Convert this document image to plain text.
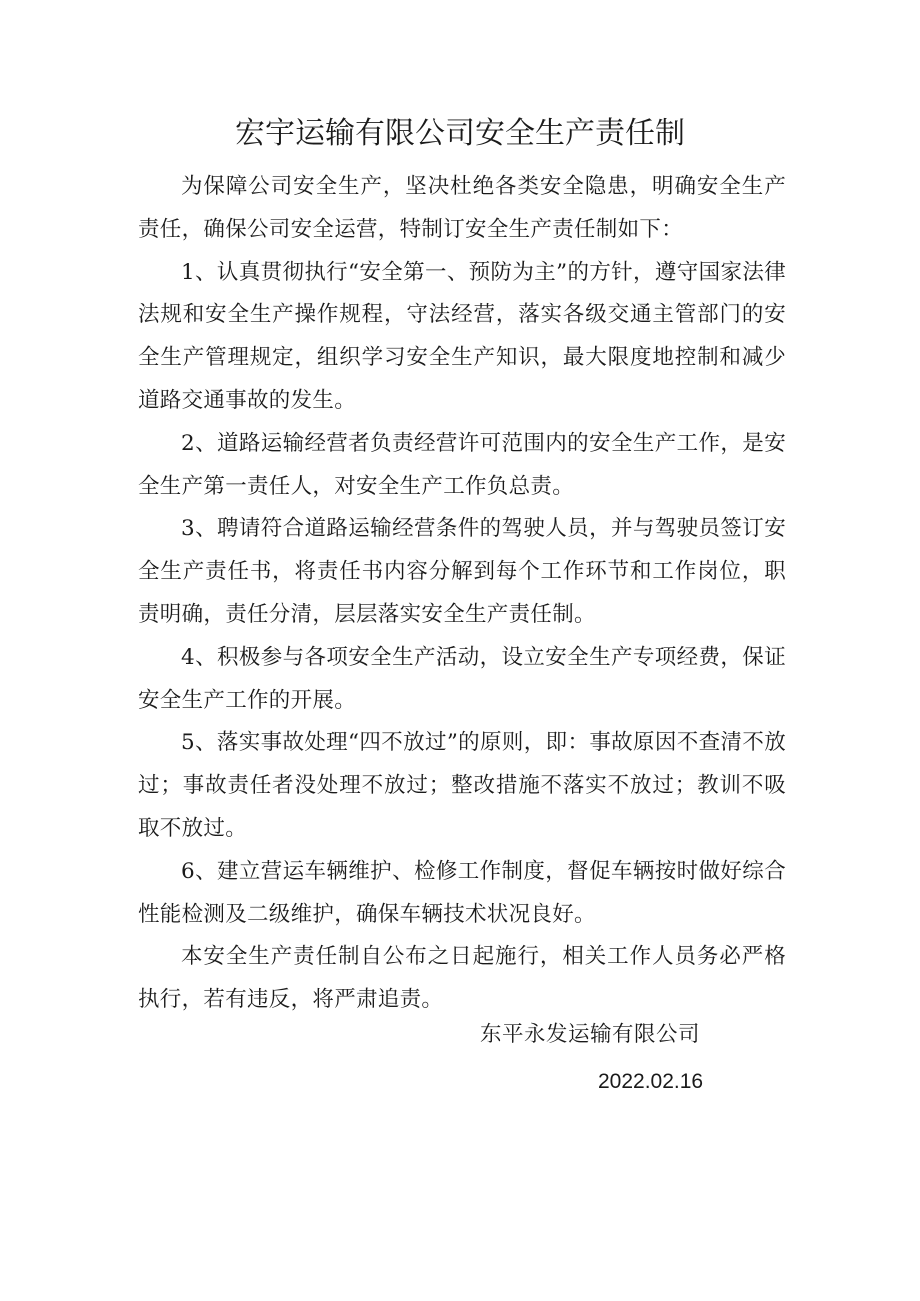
宏宇运输有限公司安全生产责任制

为保障公司安全生产，坚决杜绝各类安全隐患，明确安全生产责任，确保公司安全运营，特制订安全生产责任制如下：

1、认真贯彻执行“安全第一、预防为主”的方针，遵守国家法律法规和安全生产操作规程，守法经营，落实各级交通主管部门的安全生产管理规定，组织学习安全生产知识，最大限度地控制和减少道路交通事故的发生。

2、道路运输经营者负责经营许可范围内的安全生产工作，是安全生产第一责任人，对安全生产工作负总责。

3、聘请符合道路运输经营条件的驾驶人员，并与驾驶员签订安全生产责任书，将责任书内容分解到每个工作环节和工作岗位，职责明确，责任分清，层层落实安全生产责任制。

4、积极参与各项安全生产活动，设立安全生产专项经费，保证安全生产工作的开展。

5、落实事故处理“四不放过”的原则，即：事故原因不查清不放过；事故责任者没处理不放过；整改措施不落实不放过；教训不吸取不放过。

6、建立营运车辆维护、检修工作制度，督促车辆按时做好综合性能检测及二级维护，确保车辆技术状况良好。

本安全生产责任制自公布之日起施行，相关工作人员务必严格执行，若有违反，将严肃追责。

东平永发运输有限公司
2022.02.16
